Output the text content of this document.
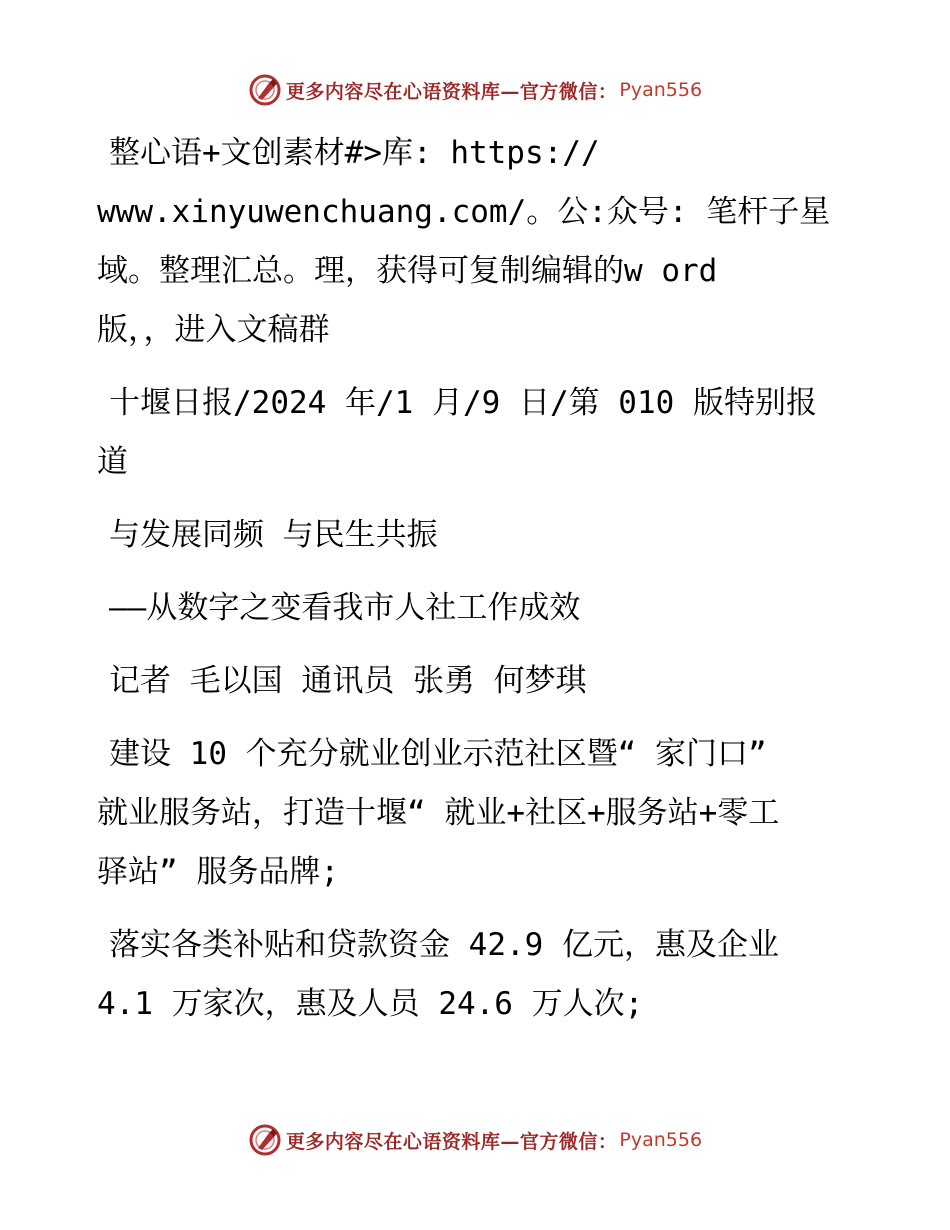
更多内容尽在心语资料库—官方微信： Pyan556
整心语+文创素材#>库: https://
www.xinyuwenchuang.com/。公:众号: 笔杆子星
域。整理汇总。理，获得可复制编辑的w ord
版，，进入文稿群
十堰日报/2024 年/1 月/9 日/第 010 版特别报
道
与发展同频 与民生共振
——从数字之变看我市人社工作成效
记者 毛以国 通讯员 张勇 何梦琪
建设 10 个充分就业创业示范社区暨“ 家门口”
就业服务站，打造十堰“ 就业+社区+服务站+零工
驿站” 服务品牌;
落实各类补贴和贷款资金 42.9 亿元，惠及企业
4.1 万家次，惠及人员 24.6 万人次;
更多内容尽在心语资料库—官方微信： Pyan556
